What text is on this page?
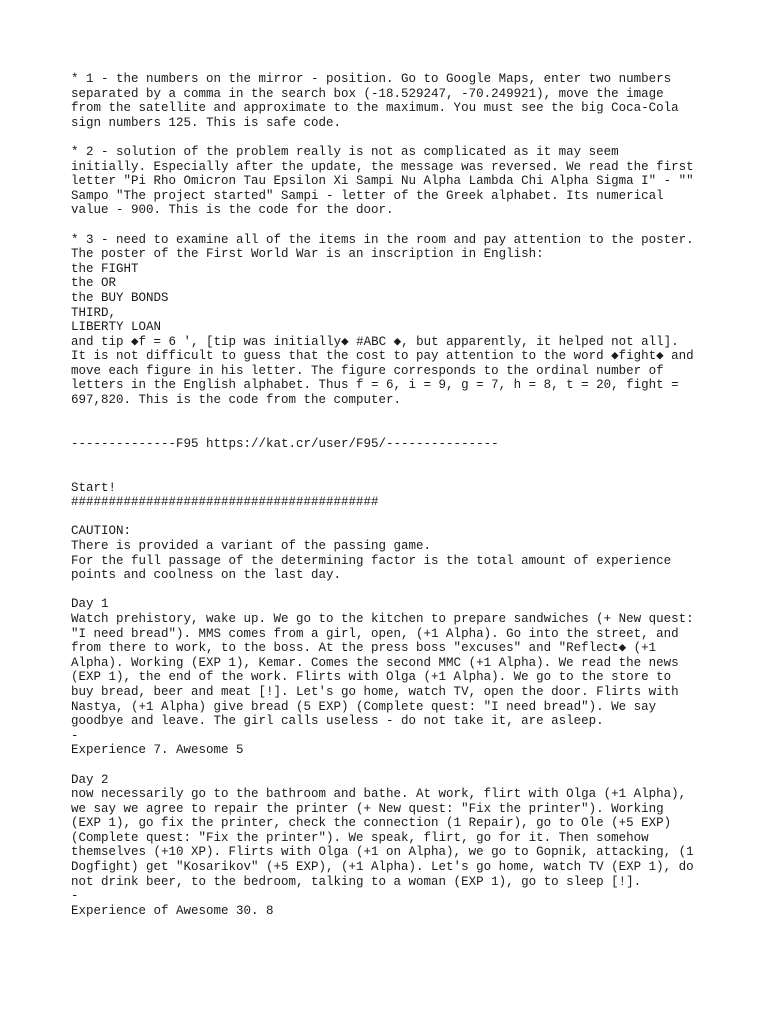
* 1 - the numbers on the mirror - position. Go to Google Maps, enter two numbers
separated by a comma in the search box (-18.529247, -70.249921), move the image
from the satellite and approximate to the maximum. You must see the big Coca-Cola
sign numbers 125. This is safe code.

* 2 - solution of the problem really is not as complicated as it may seem
initially. Especially after the update, the message was reversed. We read the first
letter "Pi Rho Omicron Tau Epsilon Xi Sampi Nu Alpha Lambda Chi Alpha Sigma I" - ""
Sampo "The project started" Sampi - letter of the Greek alphabet. Its numerical
value - 900. This is the code for the door.

* 3 - need to examine all of the items in the room and pay attention to the poster.
The poster of the First World War is an inscription in English:
the FIGHT
the OR
the BUY BONDS
THIRD,
LIBERTY LOAN
and tip ◆f = 6 ', [tip was initially◆ #ABC ◆, but apparently, it helped not all].
It is not difficult to guess that the cost to pay attention to the word ◆fight◆ and
move each figure in his letter. The figure corresponds to the ordinal number of
letters in the English alphabet. Thus f = 6, i = 9, g = 7, h = 8, t = 20, fight =
697,820. This is the code from the computer.

--------------F95 https://kat.cr/user/F95/---------------

Start!

#########################################

CAUTION:
There is provided a variant of the passing game.
For the full passage of the determining factor is the total amount of experience
points and coolness on the last day.

Day 1

Watch prehistory, wake up. We go to the kitchen to prepare sandwiches (+ New quest:
"I need bread"). MMS comes from a girl, open, (+1 Alpha). Go into the street, and
from there to work, to the boss. At the press boss "excuses" and "Reflect◆ (+1
Alpha). Working (EXP 1), Kemar. Comes the second MMC (+1 Alpha). We read the news
(EXP 1), the end of the work. Flirts with Olga (+1 Alpha). We go to the store to
buy bread, beer and meat [!]. Let's go home, watch TV, open the door. Flirts with
Nastya, (+1 Alpha) give bread (5 EXP) (Complete quest: "I need bread"). We say
goodbye and leave. The girl calls useless - do not take it, are asleep.
-

Experience 7. Awesome 5

Day 2

now necessarily go to the bathroom and bathe. At work, flirt with Olga (+1 Alpha),
we say we agree to repair the printer (+ New quest: "Fix the printer"). Working
(EXP 1), go fix the printer, check the connection (1 Repair), go to Ole (+5 EXP)
(Complete quest: "Fix the printer"). We speak, flirt, go for it. Then somehow
themselves (+10 XP). Flirts with Olga (+1 on Alpha), we go to Gopnik, attacking, (1
Dogfight) get "Kosarikov" (+5 EXP), (+1 Alpha). Let's go home, watch TV (EXP 1), do
not drink beer, to the bedroom, talking to a woman (EXP 1), go to sleep [!].
-

Experience of Awesome 30. 8
